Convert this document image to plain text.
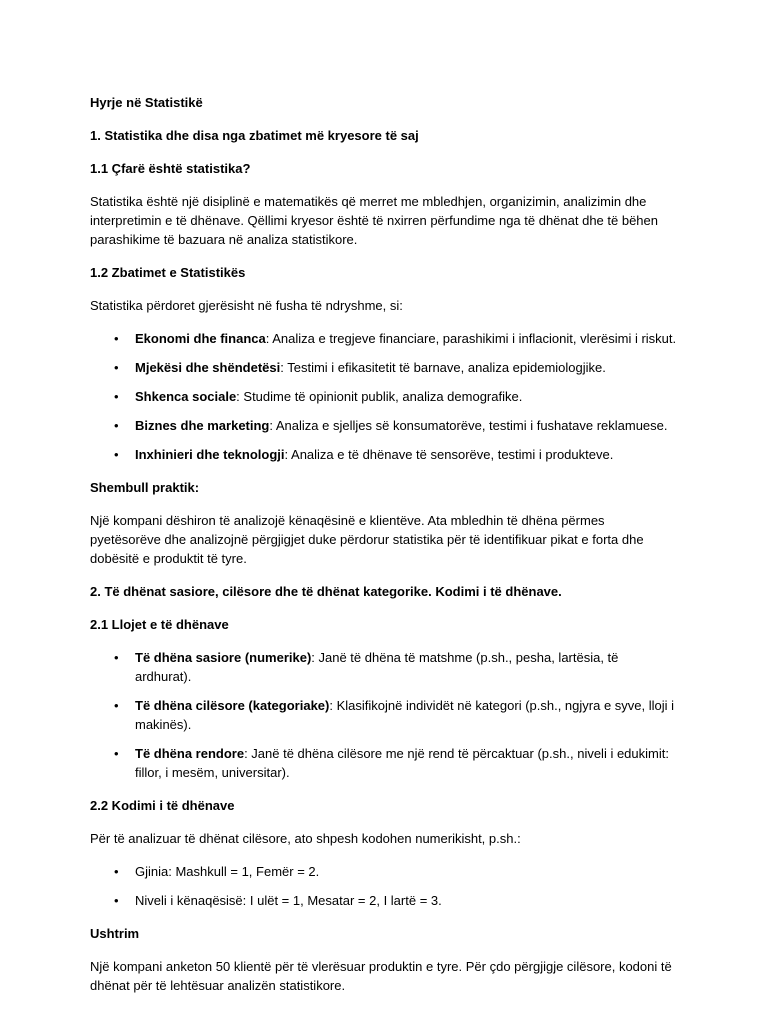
Hyrje në Statistikë
1. Statistika dhe disa nga zbatimet më kryesore të saj
1.1 Çfarë është statistika?
Statistika është një disiplinë e matematikës që merret me mbledhjen, organizimin, analizimin dhe interpretimin e të dhënave. Qëllimi kryesor është të nxirren përfundime nga të dhënat dhe të bëhen parashikime të bazuara në analiza statistikore.
1.2 Zbatimet e Statistikës
Statistika përdoret gjerësisht në fusha të ndryshme, si:
• Ekonomi dhe financa: Analiza e tregjeve financiare, parashikimi i inflacionit, vlerësimi i riskut.
• Mjekësi dhe shëndetësi: Testimi i efikasitetit të barnave, analiza epidemiologjike.
• Shkenca sociale: Studime të opinionit publik, analiza demografike.
• Biznes dhe marketing: Analiza e sjelljes së konsumatorëve, testimi i fushatave reklamuese.
• Inxhinieri dhe teknologji: Analiza e të dhënave të sensorëve, testimi i produkteve.
Shembull praktik:
Një kompani dëshiron të analizojë kënaqësinë e klientëve. Ata mbledhin të dhëna përmes pyetësorëve dhe analizojnë përgjigjet duke përdorur statistika për të identifikuar pikat e forta dhe dobësitë e produktit të tyre.
2. Të dhënat sasiore, cilësore dhe të dhënat kategorike. Kodimi i të dhënave.
2.1 Llojet e të dhënave
• Të dhëna sasiore (numerike): Janë të dhëna të matshme (p.sh., pesha, lartësia, të ardhurat).
• Të dhëna cilësore (kategoriake): Klasifikojnë individët në kategori (p.sh., ngjyra e syve, lloji i makinës).
• Të dhëna rendore: Janë të dhëna cilësore me një rend të përcaktuar (p.sh., niveli i edukimit: fillor, i mesëm, universitar).
2.2 Kodimi i të dhënave
Për të analizuar të dhënat cilësore, ato shpesh kodohen numerikisht, p.sh.:
• Gjinia: Mashkull = 1, Femër = 2.
• Niveli i kënaqësisë: I ulët = 1, Mesatar = 2, I lartë = 3.
Ushtrim
Një kompani anketon 50 klientë për të vlerësuar produktin e tyre. Për çdo përgjigje cilësore, kodoni të dhënat për të lehtësuar analizën statistikore.
